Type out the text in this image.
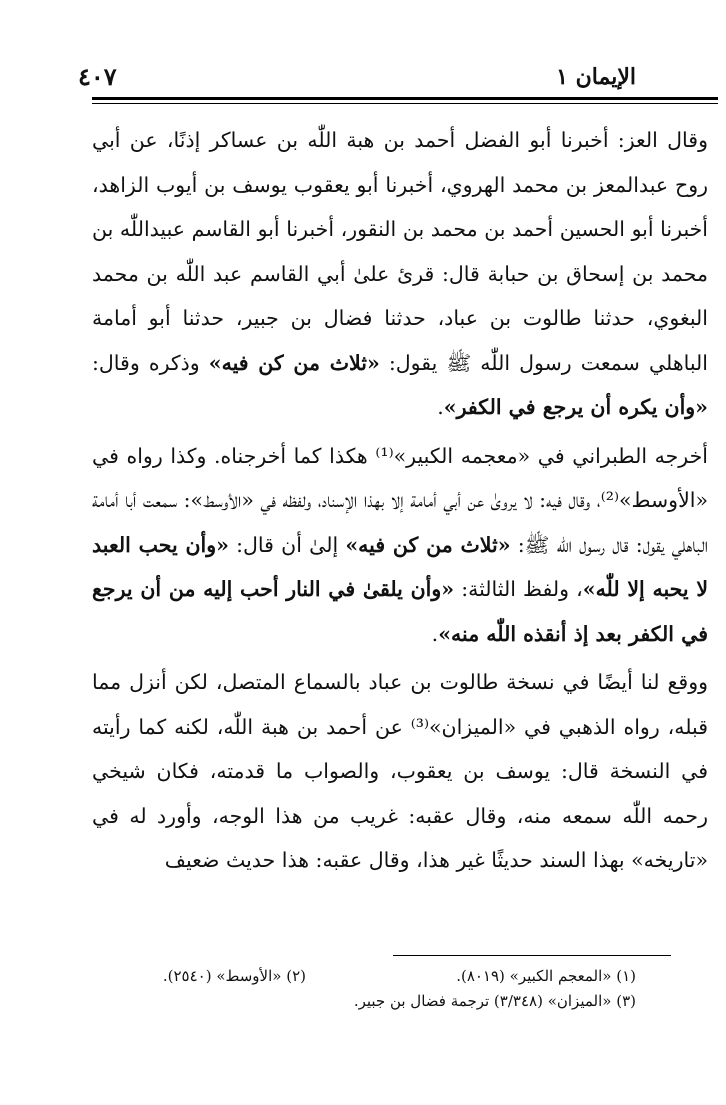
الإيمان ١
٤٠٧

وقال العز: أخبرنا أبو الفضل أحمد بن هبة اللّٰه بن عساكر إذنًا، عن أبي روح عبدالمعز بن محمد الهروي، أخبرنا أبو يعقوب يوسف بن أيوب الزاهد، أخبرنا أبو الحسين أحمد بن محمد بن النقور، أخبرنا أبو القاسم عبيداللّٰه بن محمد بن إسحاق بن حبابة قال: قرئ علىٰ أبي القاسم عبد اللّٰه بن محمد البغوي، حدثنا طالوت بن عباد، حدثنا فضال بن جبير، حدثنا أبو أمامة الباهلي سمعت رسول اللّٰه ﷺ يقول: «ثلاث من كن فيه» وذكره وقال: «وأن يكره أن يرجع في الكفر».

أخرجه الطبراني في «معجمه الكبير»⁽¹⁾ هكذا كما أخرجناه. وكذا رواه في «الأوسط»⁽²⁾، وقال فيه: لا يروىٰ عن أبي أمامة إلا بهذا الإسناد، ولفظه في «الأوسط»: سمعت أبا أمامة الباهلي يقول: قال رسول اللّٰه ﷺ: «ثلاث من كن فيه» إلىٰ أن قال: «وأن يحب العبد لا يحبه إلا للّٰه»، ولفظ الثالثة: «وأن يلقىٰ في النار أحب إليه من أن يرجع في الكفر بعد إذ أنقذه اللّٰه منه».

ووقع لنا أيضًا في نسخة طالوت بن عباد بالسماع المتصل، لكن أنزل مما قبله، رواه الذهبي في «الميزان»⁽³⁾ عن أحمد بن هبة اللّٰه، لكنه كما رأيته في النسخة قال: يوسف بن يعقوب، والصواب ما قدمته، فكان شيخي رحمه اللّٰه سمعه منه، وقال عقبه: غريب من هذا الوجه، وأورد له في «تاريخه» بهذا السند حديثًا غير هذا، وقال عقبه: هذا حديث ضعيف

(١) «المعجم الكبير» (٨٠١٩).
(٢) «الأوسط» (٢٥٤٠).
(٣) «الميزان» (٣/٣٤٨) ترجمة فضال بن جبير.
